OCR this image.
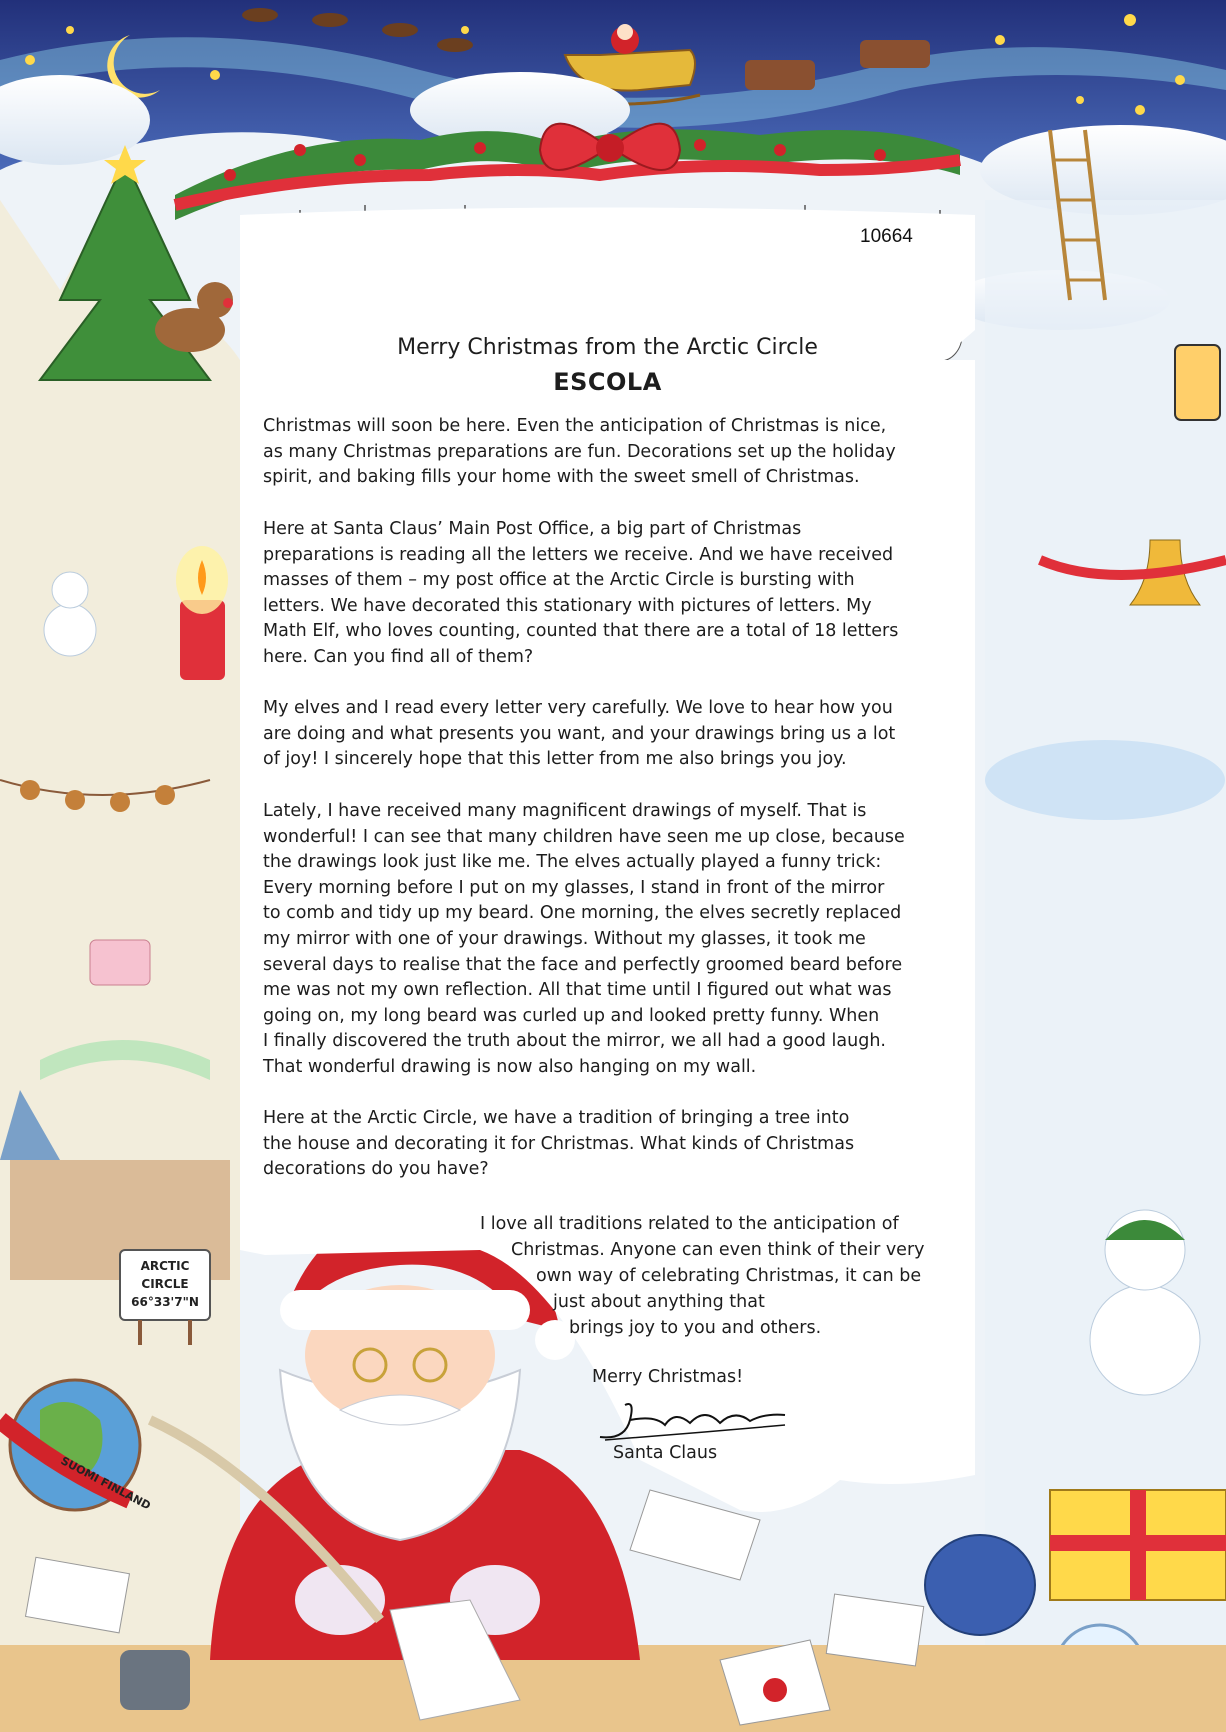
ARCTIC
CIRCLE
66°33'7"N
SUOMI FINLAND
10664
Merry Christmas from the Arctic Circle
ESCOLA

Christmas will soon be here. Even the anticipation of Christmas is nice,
as many Christmas preparations are fun. Decorations set up the holiday
spirit, and baking fills your home with the sweet smell of Christmas.

Here at Santa Claus’ Main Post Office, a big part of Christmas
preparations is reading all the letters we receive. And we have received
masses of them – my post office at the Arctic Circle is bursting with
letters. We have decorated this stationary with pictures of letters. My
Math Elf, who loves counting, counted that there are a total of 18 letters
here. Can you find all of them?

My elves and I read every letter very carefully. We love to hear how you
are doing and what presents you want, and your drawings bring us a lot
of joy! I sincerely hope that this letter from me also brings you joy.

Lately, I have received many magnificent drawings of myself. That is
wonderful! I can see that many children have seen me up close, because
the drawings look just like me. The elves actually played a funny trick:
Every morning before I put on my glasses, I stand in front of the mirror
to comb and tidy up my beard. One morning, the elves secretly replaced
my mirror with one of your drawings. Without my glasses, it took me
several days to realise that the face and perfectly groomed beard before
me was not my own reflection. All that time until I figured out what was
going on, my long beard was curled up and looked pretty funny. When
I finally discovered the truth about the mirror, we all had a good laugh.
That wonderful drawing is now also hanging on my wall.

Here at the Arctic Circle, we have a tradition of bringing a tree into
the house and decorating it for Christmas. What kinds of Christmas
decorations do you have?

I love all traditions related to the anticipation of
Christmas. Anyone can even think of their very
own way of celebrating Christmas, it can be
just about anything that
brings joy to you and others.
Merry Christmas!
Joulupukki
Santa Claus
